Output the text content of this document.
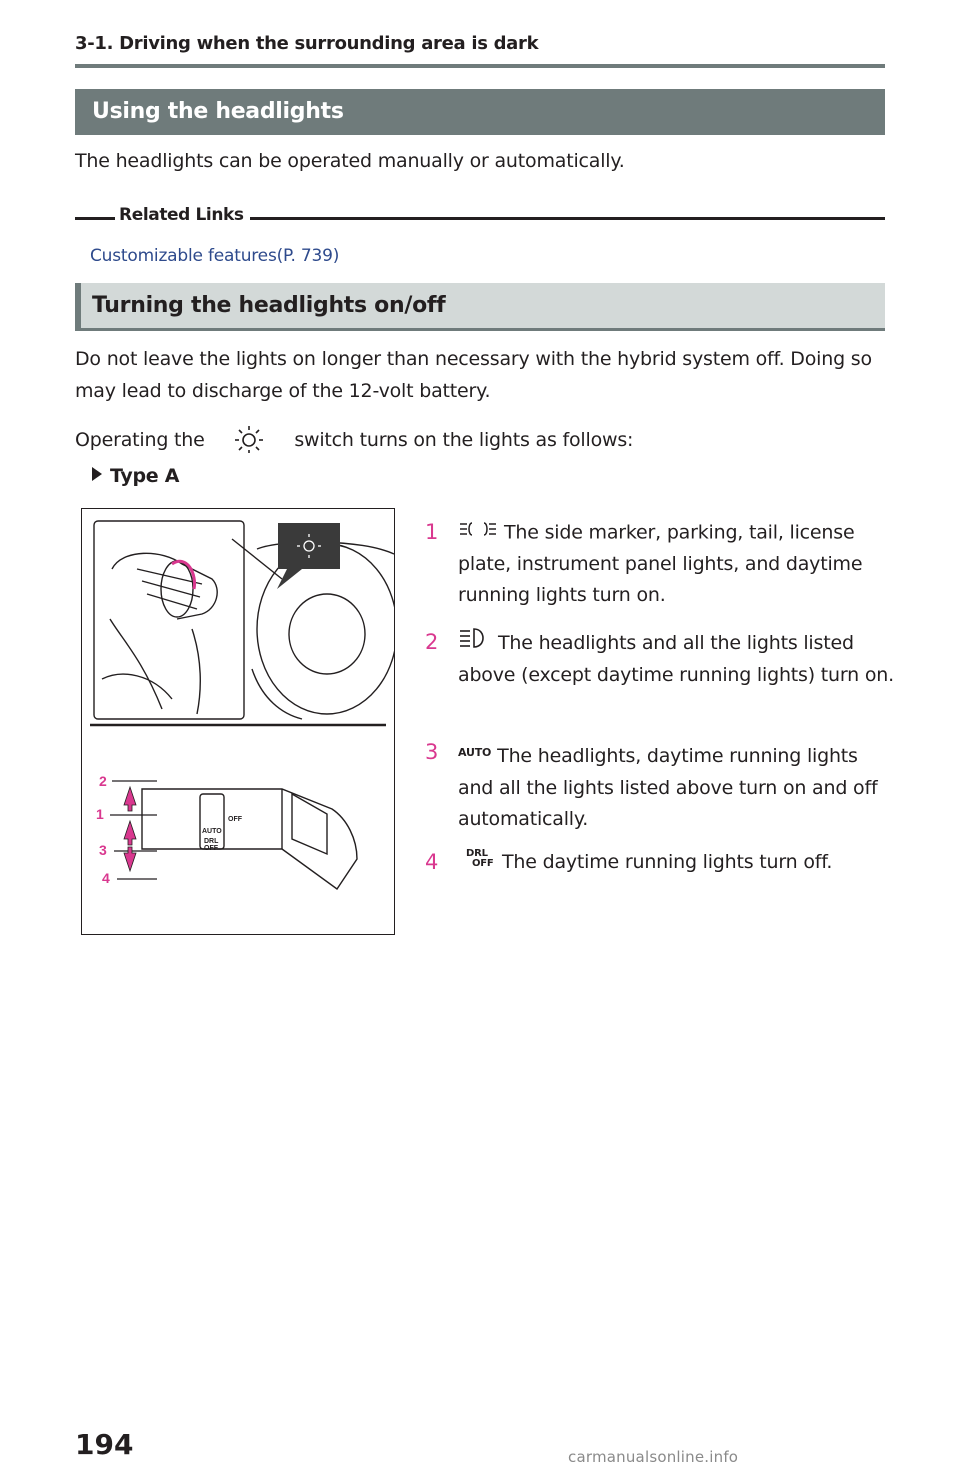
3-1. Driving when the surrounding area is dark
Using the headlights
The headlights can be operated manually or automatically.
Related Links
Customizable features(P. 739)
Turning the headlights on/off
Do not leave the lights on longer than necessary with the hybrid system off. Doing so may lead to discharge of the 12-volt battery.
Operating the	switch turns on the lights as follows:
Type A
2
1
3
4
AUTO
OFF
DRL
OFF
1	The side marker, parking, tail, license plate, instrument panel lights, and daytime running lights turn on.
2	The headlights and all the lights listed above (except daytime running lights) turn on.
3 AUTO The headlights, daytime running lights and all the lights listed above turn on and off automatically.
4	DRL
OFF The daytime running lights turn off.
194	carmanualsonline.info
